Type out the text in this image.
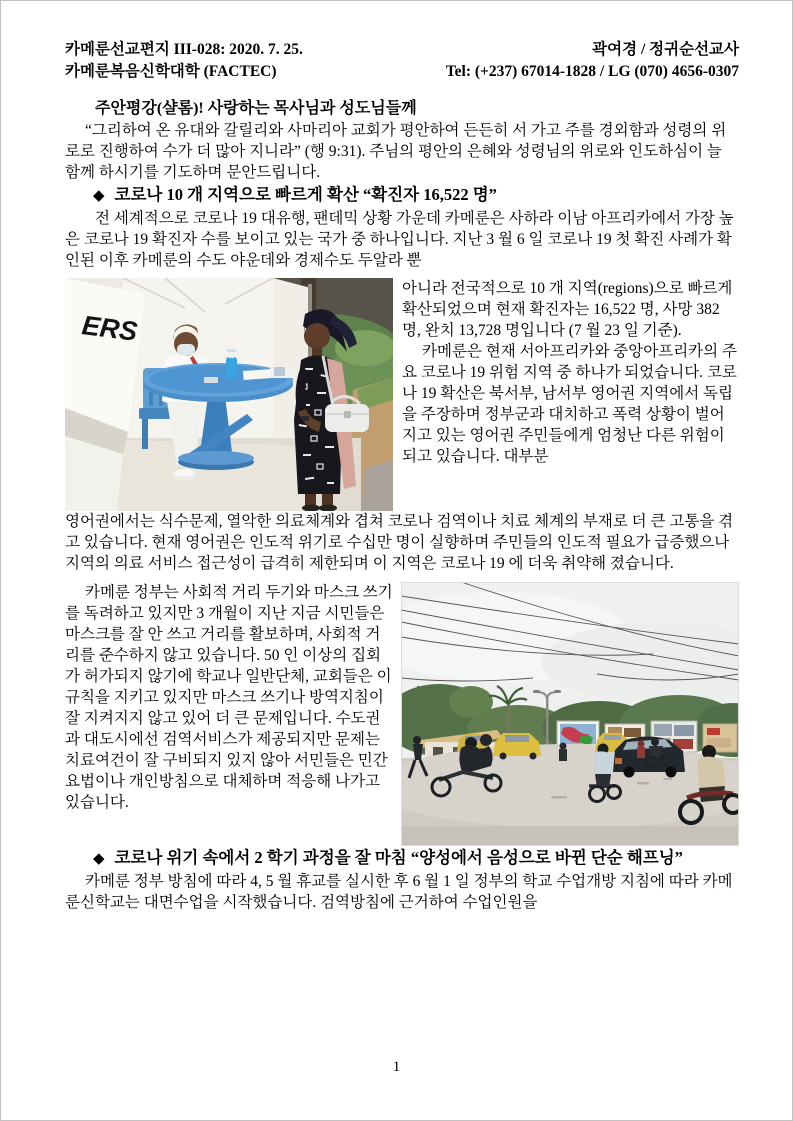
카메룬선교편지 III-028: 2020. 7. 25.
카메룬복음신학대학 (FACTEC)
곽여경 / 정귀순선교사
Tel: (+237) 67014-1828 / LG (070) 4656-0307
주안평강(샬롬)! 사랑하는 목사님과 성도님들께

“그리하여 온 유대와 갈릴리와 사마리아 교회가 평안하여 든든히 서 가고 주를 경외함과 성령의 위로로 진행하여 수가 더 많아 지니라” (행 9:31). 주님의 평안의 은혜와 성령님의 위로와 인도하심이 늘 함께 하시기를 기도하며 문안드립니다.

◆ 코로나 10 개 지역으로 빠르게 확산 “확진자 16,522 명”

전 세계적으로 코로나 19 대유행, 팬데믹 상황 가운데 카메룬은 사하라 이남 아프리카에서 가장 높은 코로나 19 확진자 수를 보이고 있는 국가 중 하나입니다. 지난 3 월 6 일 코로나 19 첫 확진 사례가 확인된 이후 카메룬의 수도 야운데와 경제수도 두알라 뿐

ERS

아니라 전국적으로 10 개 지역(regions)으로 빠르게 확산되었으며 현재 확진자는 16,522 명, 사망 382 명, 완치 13,728 명입니다 (7 월 23 일 기준).

카메룬은 현재 서아프리카와 중앙아프리카의 주요 코로나 19 위험 지역 중 하나가 되었습니다. 코로나 19 확산은 북서부, 남서부 영어권 지역에서 독립을 주장하며 정부군과 대치하고 폭력 상황이 벌어지고 있는 영어권 주민들에게 엄청난 다른 위험이 되고 있습니다. 대부분

영어권에서는 식수문제, 열악한 의료체계와 겹쳐 코로나 검역이나 치료 체계의 부재로 더 큰 고통을 겪고 있습니다. 현재 영어권은 인도적 위기로 수십만 명이 실향하며 주민들의 인도적 필요가 급증했으나 지역의 의료 서비스 접근성이 급격히 제한되며 이 지역은 코로나 19 에 더욱 취약해 졌습니다.

카메룬 정부는 사회적 거리 두기와 마스크 쓰기를 독려하고 있지만 3 개월이 지난 지금 시민들은 마스크를 잘 안 쓰고 거리를 활보하며, 사회적 거리를 준수하지 않고 있습니다. 50 인 이상의 집회가 허가되지 않기에 학교나 일반단체, 교회들은 이 규칙을 지키고 있지만 마스크 쓰기나 방역지침이 잘 지켜지지 않고 있어 더 큰 문제입니다. 수도권과 대도시에선 검역서비스가 제공되지만 문제는 치료여건이 잘 구비되지 있지 않아 서민들은 민간요법이나 개인방침으로 대체하며 적응해 나가고 있습니다.

◆ 코로나 위기 속에서 2 학기 과정을 잘 마침 “양성에서 음성으로 바뀐 단순 해프닝”

카메룬 정부 방침에 따라 4, 5 월 휴교를 실시한 후 6 월 1 일 정부의 학교 수업개방 지침에 따라 카메룬신학교는 대면수업을 시작했습니다. 검역방침에 근거하여 수업인원을

1
